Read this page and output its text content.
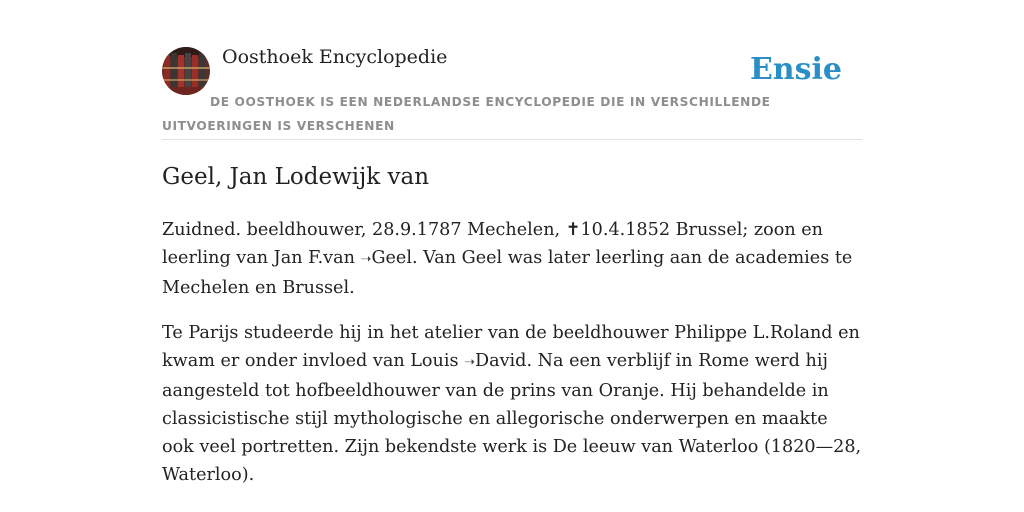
Oosthoek Encyclopedie	Ensie
DE OOSTHOEK IS EEN NEDERLANDSE ENCYCLOPEDIE DIE IN VERSCHILLENDE UITVOERINGEN IS VERSCHENEN
Geel, Jan Lodewijk van

Zuidned. beeldhouwer, 28.9.1787 Mechelen, ✝10.4.1852 Brussel; zoon en leerling van Jan F.van ➝Geel. Van Geel was later leerling aan de academies te Mechelen en Brussel.

Te Parijs studeerde hij in het atelier van de beeldhouwer Philippe L.Roland en kwam er onder invloed van Louis ➝David. Na een verblijf in Rome werd hij aangesteld tot hofbeeldhouwer van de prins van Oranje. Hij behandelde in classicistische stijl mythologische en allegorische onderwerpen en maakte ook veel portretten. Zijn bekendste werk is De leeuw van Waterloo (1820—28, Waterloo).
